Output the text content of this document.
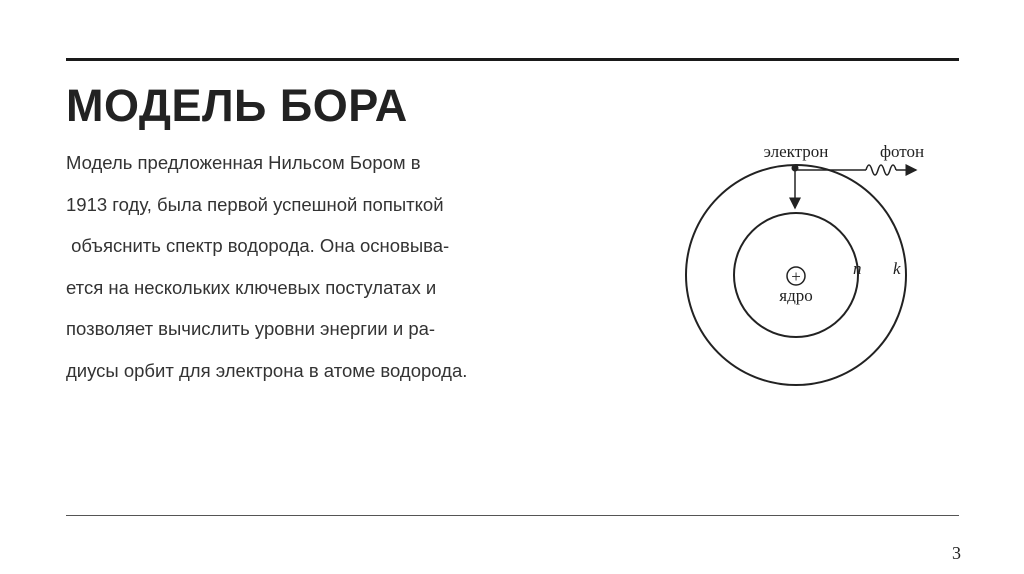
МОДЕЛЬ БОРА
Модель предложенная Нильсом Бором в
1913 году, была первой успешной попыткой
объяснить спектр водорода. Она основыва-
ется на нескольких ключевых постулатах и
позволяет вычислить уровни энергии и ра-
диусы орбит для электрона в атоме водорода.
+
электрон	фотон
ядро
n k
3
